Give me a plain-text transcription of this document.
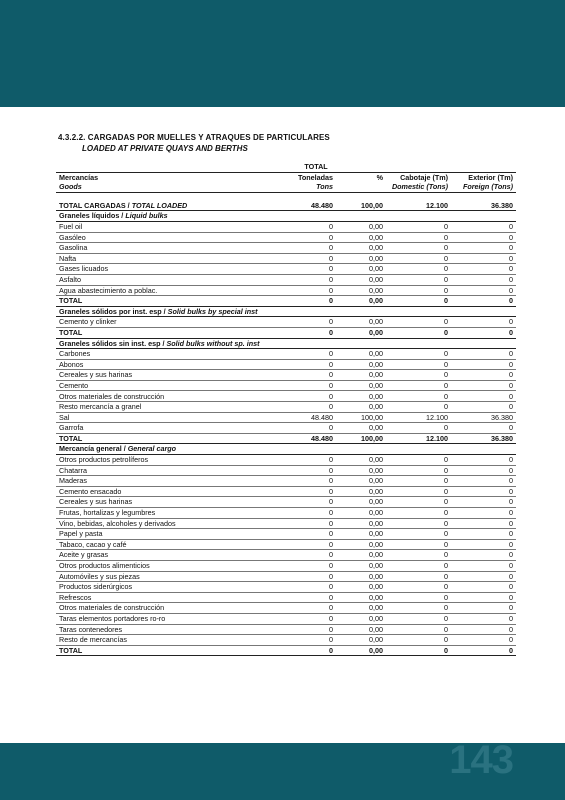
4.3.2.2. CARGADAS POR MUELLES Y ATRAQUES DE PARTICULARES
LOADED AT PRIVATE QUAYS AND BERTHS
	TOTAL			
Mercancías	Toneladas	%	Cabotaje (Tm)	Exterior (Tm)
Goods	Tons		Domestic (Tons)	Foreign (Tons)

TOTAL CARGADAS / TOTAL LOADED	48.480	100,00	12.100	36.380
Graneles líquidos / Liquid bulks				
Fuel oil	0	0,00	0	0
Gasóleo	0	0,00	0	0
Gasolina	0	0,00	0	0
Nafta	0	0,00	0	0
Gases licuados	0	0,00	0	0
Asfalto	0	0,00	0	0
Agua abastecimiento a poblac.	0	0,00	0	0
TOTAL	0	0,00	0	0
Graneles sólidos por inst. esp / Solid bulks by special inst				
Cemento y clinker	0	0,00	0	0
TOTAL	0	0,00	0	0
Graneles sólidos sin inst. esp / Solid bulks without sp. inst				
Carbones	0	0,00	0	0
Abonos	0	0,00	0	0
Cereales y sus harinas	0	0,00	0	0
Cemento	0	0,00	0	0
Otros materiales de construcción	0	0,00	0	0
Resto mercancía a granel	0	0,00	0	0
Sal	48.480	100,00	12.100	36.380
Garrofa	0	0,00	0	0
TOTAL	48.480	100,00	12.100	36.380
Mercancía general / General cargo				
Otros productos petrolíferos	0	0,00	0	0
Chatarra	0	0,00	0	0
Maderas	0	0,00	0	0
Cemento ensacado	0	0,00	0	0
Cereales y sus harinas	0	0,00	0	0
Frutas, hortalizas y legumbres	0	0,00	0	0
Vino, bebidas, alcoholes y derivados	0	0,00	0	0
Papel y pasta	0	0,00	0	0
Tabaco, cacao y café	0	0,00	0	0
Aceite y grasas	0	0,00	0	0
Otros productos alimenticios	0	0,00	0	0
Automóviles y sus piezas	0	0,00	0	0
Productos siderúrgicos	0	0,00	0	0
Refrescos	0	0,00	0	0
Otros materiales de construcción	0	0,00	0	0
Taras elementos portadores ro-ro	0	0,00	0	0
Taras contenedores	0	0,00	0	0
Resto de mercancías	0	0,00	0	0
TOTAL	0	0,00	0	0
143
